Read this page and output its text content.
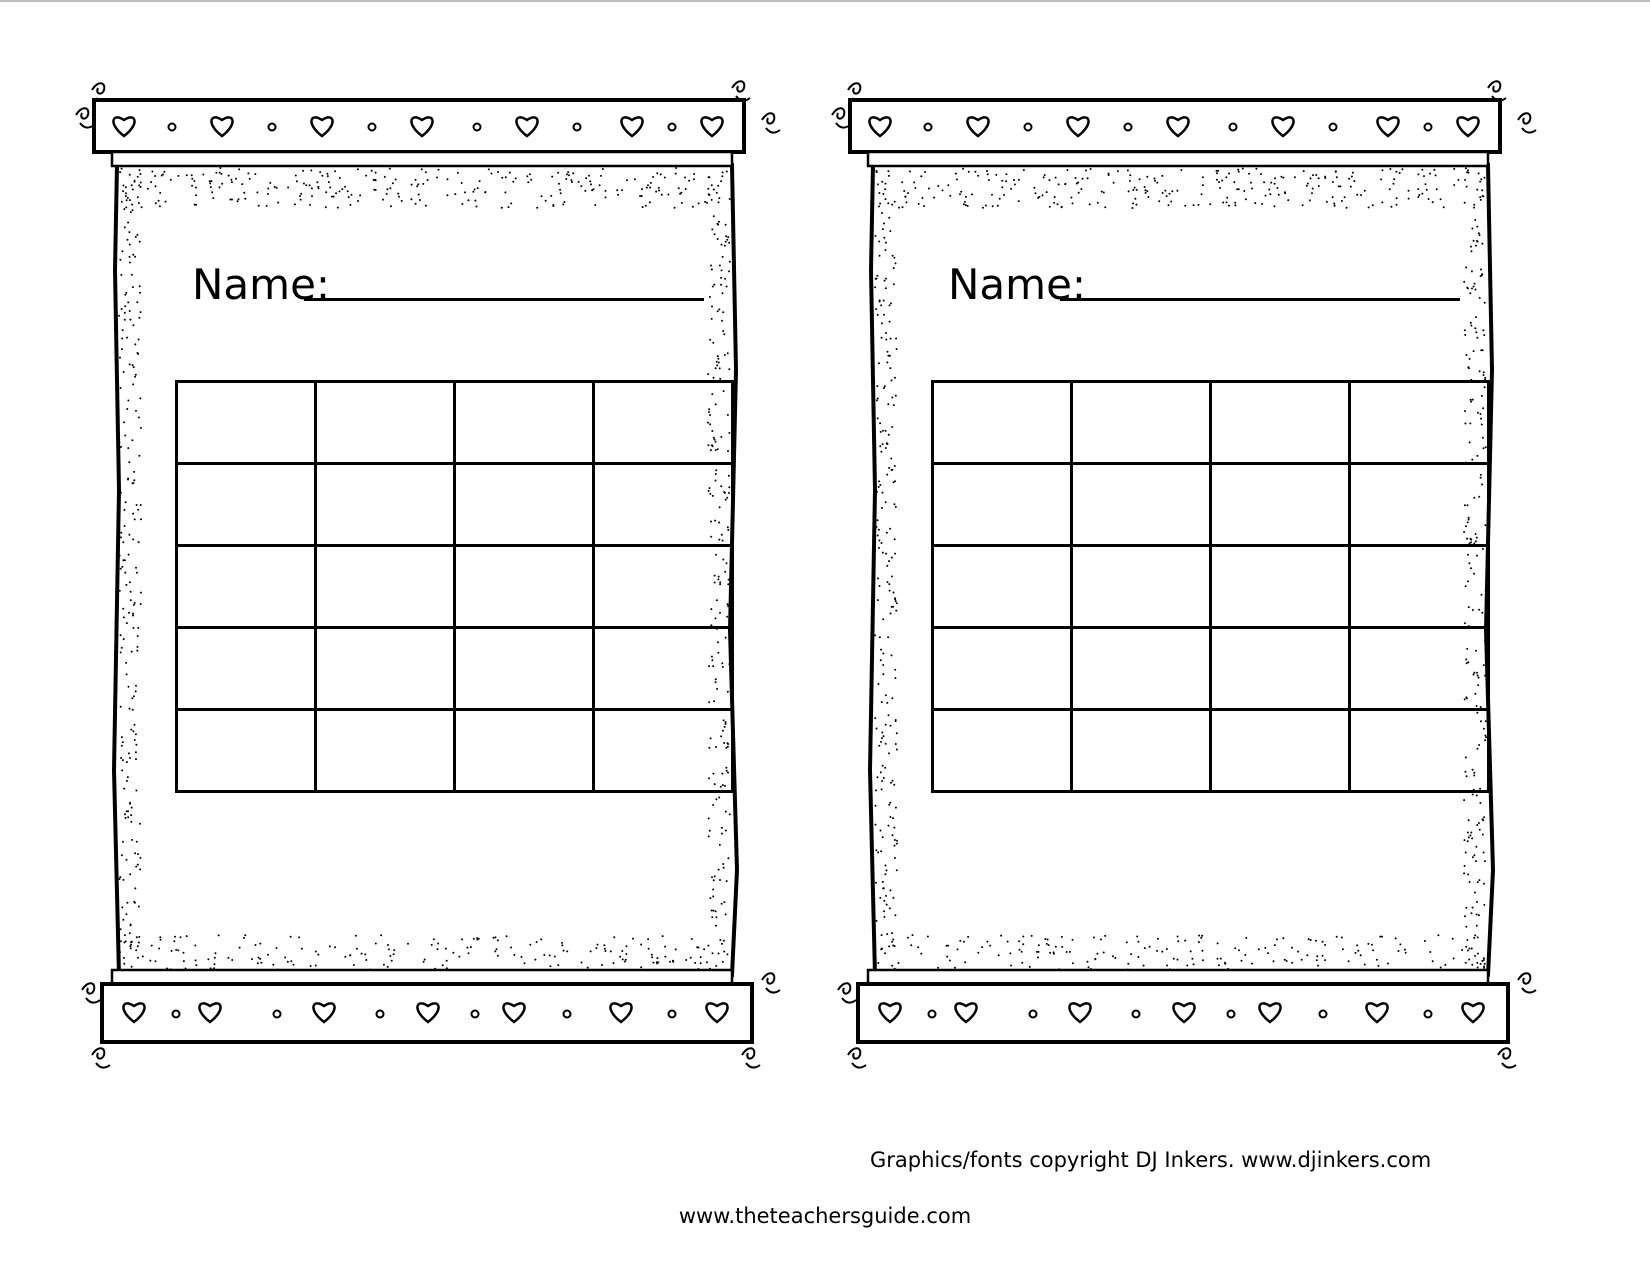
Name:

				Name:

Graphics/fonts copyright DJ Inkers. www.djinkers.com
www.theteachersguide.com
